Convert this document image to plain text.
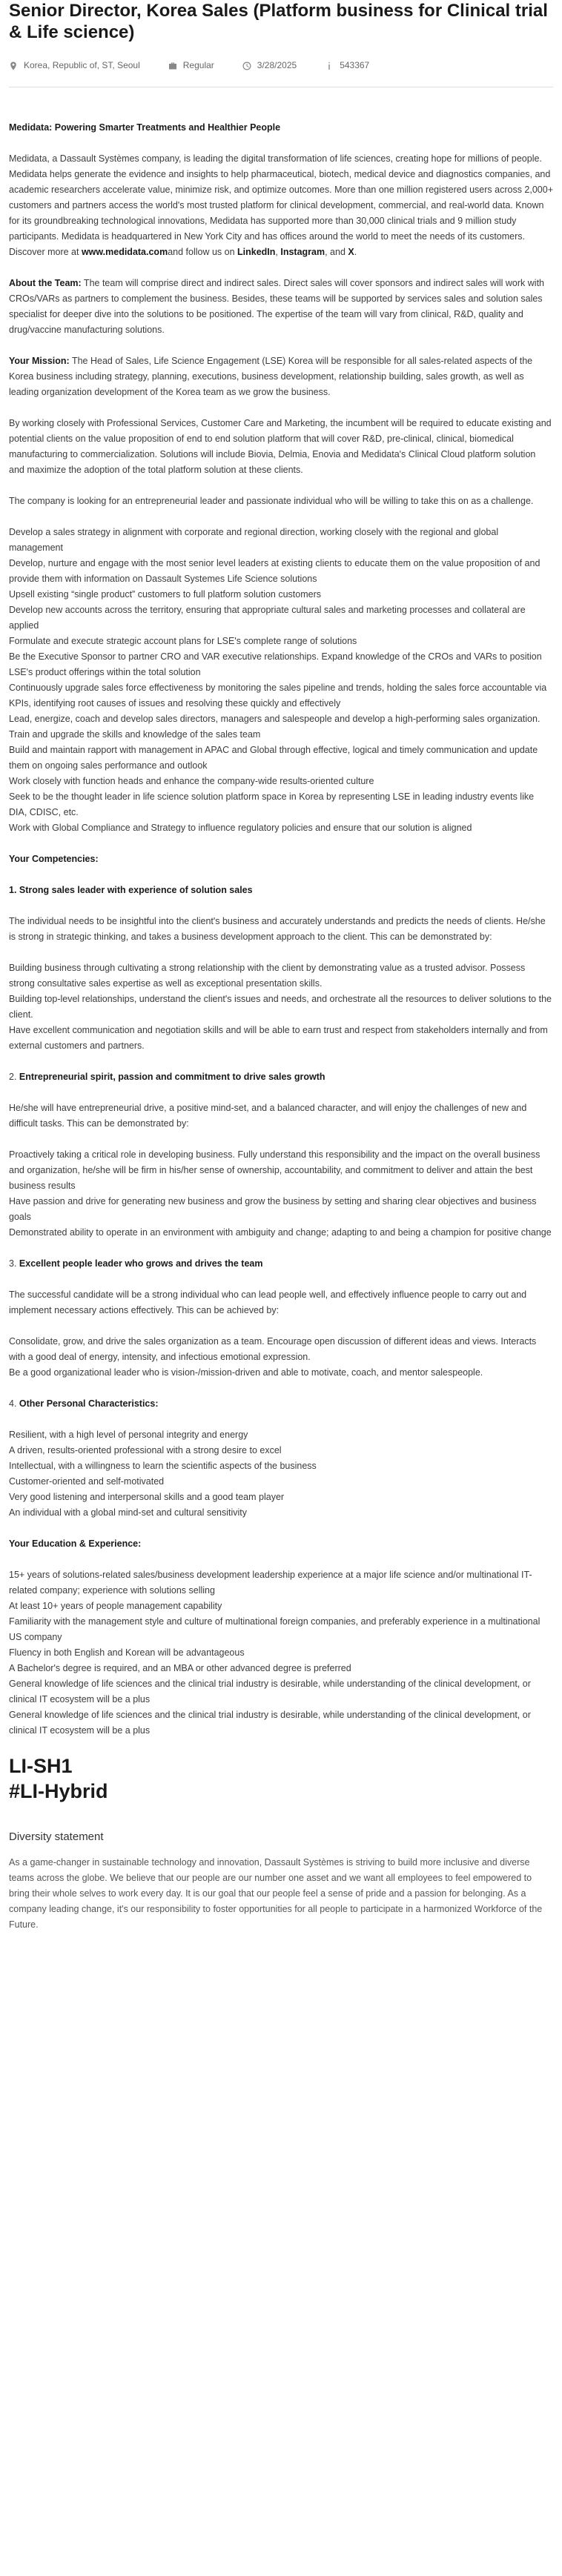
Senior Director, Korea Sales (Platform business for Clinical trial & Life science)
Korea, Republic of, ST, Seoul	Regular	3/28/2025	543367

Medidata: Powering Smarter Treatments and Healthier People

Medidata, a Dassault Systèmes company, is leading the digital transformation of life sciences, creating hope for millions of people. Medidata helps generate the evidence and insights to help pharmaceutical, biotech, medical device and diagnostics companies, and academic researchers accelerate value, minimize risk, and optimize outcomes. More than one million registered users across 2,000+ customers and partners access the world's most trusted platform for clinical development, commercial, and real-world data. Known for its groundbreaking technological innovations, Medidata has supported more than 30,000 clinical trials and 9 million study participants. Medidata is headquartered in New York City and has offices around the world to meet the needs of its customers. Discover more at www.medidata.comand follow us on LinkedIn, Instagram, and X.

About the Team: The team will comprise direct and indirect sales. Direct sales will cover sponsors and indirect sales will work with CROs/VARs as partners to complement the business. Besides, these teams will be supported by services sales and solution sales specialist for deeper dive into the solutions to be positioned. The expertise of the team will vary from clinical, R&D, quality and drug/vaccine manufacturing solutions.

Your Mission: The Head of Sales, Life Science Engagement (LSE) Korea will be responsible for all sales-related aspects of the Korea business including strategy, planning, executions, business development, relationship building, sales growth, as well as leading organization development of the Korea team as we grow the business.

By working closely with Professional Services, Customer Care and Marketing, the incumbent will be required to educate existing and potential clients on the value proposition of end to end solution platform that will cover R&D, pre-clinical, clinical, biomedical manufacturing to commercialization. Solutions will include Biovia, Delmia, Enovia and Medidata's Clinical Cloud platform solution and maximize the adoption of the total platform solution at these clients.

The company is looking for an entrepreneurial leader and passionate individual who will be willing to take this on as a challenge.

Develop a sales strategy in alignment with corporate and regional direction, working closely with the regional and global management

Develop, nurture and engage with the most senior level leaders at existing clients to educate them on the value proposition of and provide them with information on Dassault Systemes Life Science solutions

Upsell existing “single product” customers to full platform solution customers

Develop new accounts across the territory, ensuring that appropriate cultural sales and marketing processes and collateral are applied

Formulate and execute strategic account plans for LSE's complete range of solutions

Be the Executive Sponsor to partner CRO and VAR executive relationships. Expand knowledge of the CROs and VARs to position LSE's product offerings within the total solution

Continuously upgrade sales force effectiveness by monitoring the sales pipeline and trends, holding the sales force accountable via KPIs, identifying root causes of issues and resolving these quickly and effectively

Lead, energize, coach and develop sales directors, managers and salespeople and develop a high-performing sales organization. Train and upgrade the skills and knowledge of the sales team

Build and maintain rapport with management in APAC and Global through effective, logical and timely communication and update them on ongoing sales performance and outlook

Work closely with function heads and enhance the company-wide results-oriented culture

Seek to be the thought leader in life science solution platform space in Korea by representing LSE in leading industry events like DIA, CDISC, etc.

Work with Global Compliance and Strategy to influence regulatory policies and ensure that our solution is aligned

Your Competencies:

1. Strong sales leader with experience of solution sales

The individual needs to be insightful into the client's business and accurately understands and predicts the needs of clients. He/she is strong in strategic thinking, and takes a business development approach to the client. This can be demonstrated by:

Building business through cultivating a strong relationship with the client by demonstrating value as a trusted advisor. Possess strong consultative sales expertise as well as exceptional presentation skills.

Building top-level relationships, understand the client's issues and needs, and orchestrate all the resources to deliver solutions to the client.

Have excellent communication and negotiation skills and will be able to earn trust and respect from stakeholders internally and from external customers and partners.

2. Entrepreneurial spirit, passion and commitment to drive sales growth

He/she will have entrepreneurial drive, a positive mind-set, and a balanced character, and will enjoy the challenges of new and difficult tasks. This can be demonstrated by:

Proactively taking a critical role in developing business. Fully understand this responsibility and the impact on the overall business and organization, he/she will be firm in his/her sense of ownership, accountability, and commitment to deliver and attain the best business results

Have passion and drive for generating new business and grow the business by setting and sharing clear objectives and business goals

Demonstrated ability to operate in an environment with ambiguity and change; adapting to and being a champion for positive change

3. Excellent people leader who grows and drives the team

The successful candidate will be a strong individual who can lead people well, and effectively influence people to carry out and implement necessary actions effectively. This can be achieved by:

Consolidate, grow, and drive the sales organization as a team. Encourage open discussion of different ideas and views. Interacts with a good deal of energy, intensity, and infectious emotional expression.

Be a good organizational leader who is vision-/mission-driven and able to motivate, coach, and mentor salespeople.

4. Other Personal Characteristics:

Resilient, with a high level of personal integrity and energy

A driven, results-oriented professional with a strong desire to excel

Intellectual, with a willingness to learn the scientific aspects of the business

Customer-oriented and self-motivated

Very good listening and interpersonal skills and a good team player

An individual with a global mind-set and cultural sensitivity

Your Education & Experience:

15+ years of solutions-related sales/business development leadership experience at a major life science and/or multinational IT-related company; experience with solutions selling

At least 10+ years of people management capability

Familiarity with the management style and culture of multinational foreign companies, and preferably experience in a multinational US company

Fluency in both English and Korean will be advantageous

A Bachelor's degree is required, and an MBA or other advanced degree is preferred

General knowledge of life sciences and the clinical trial industry is desirable, while understanding of the clinical development, or clinical IT ecosystem will be a plus

General knowledge of life sciences and the clinical trial industry is desirable, while understanding of the clinical development, or clinical IT ecosystem will be a plus

LI-SH1
#LI-Hybrid
Diversity statement
As a game-changer in sustainable technology and innovation, Dassault Systèmes is striving to build more inclusive and diverse teams across the globe. We believe that our people are our number one asset and we want all employees to feel empowered to bring their whole selves to work every day. It is our goal that our people feel a sense of pride and a passion for belonging. As a company leading change, it's our responsibility to foster opportunities for all people to participate in a harmonized Workforce of the Future.
